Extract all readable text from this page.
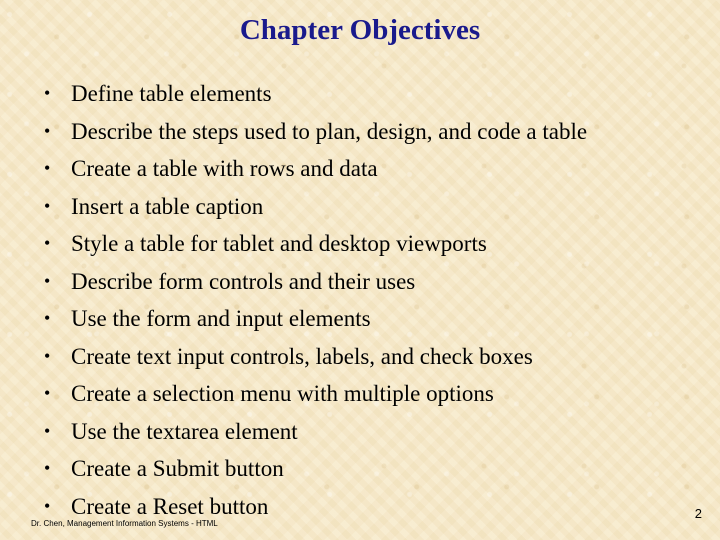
Chapter Objectives
• Define table elements
• Describe the steps used to plan, design, and code a table
• Create a table with rows and data
• Insert a table caption
• Style a table for tablet and desktop viewports
• Describe form controls and their uses
• Use the form and input elements
• Create text input controls, labels, and check boxes
• Create a selection menu with multiple options
• Use the textarea element
• Create a Submit button
• Create a Reset button
Dr. Chen, Management Information Systems - HTML
2
